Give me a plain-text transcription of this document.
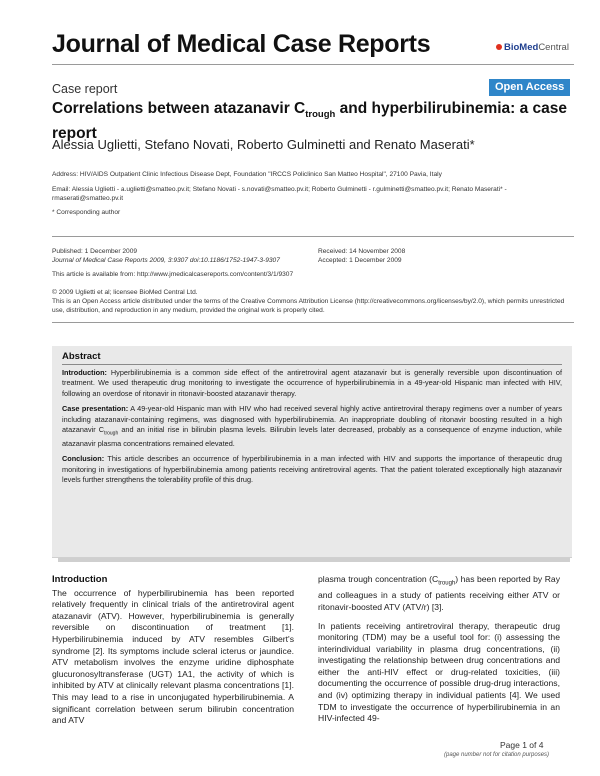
Journal of Medical Case Reports	BioMedCentral
Case report	Open Access
Correlations between atazanavir $C_{trough}$ and hyperbilirubinemia: a case report
Alessia Uglietti, Stefano Novati, Roberto Gulminetti and Renato Maserati*
Address: HIV/AIDS Outpatient Clinic Infectious Disease Dept, Foundation "IRCCS Policlinico San Matteo Hospital", 27100 Pavia, Italy
Email: Alessia Uglietti - a.uglietti@smatteo.pv.it; Stefano Novati - s.novati@smatteo.pv.it; Roberto Gulminetti - r.gulminetti@smatteo.pv.it; Renato Maserati* - rmaserati@smatteo.pv.it
* Corresponding author
Published: 1 December 2009
Journal of Medical Case Reports 2009, 3:9307 doi:10.1186/1752-1947-3-9307
Received: 14 November 2008
Accepted: 1 December 2009
This article is available from: http://www.jmedicalcasereports.com/content/3/1/9307
© 2009 Uglietti et al; licensee BioMed Central Ltd.
This is an Open Access article distributed under the terms of the Creative Commons Attribution License (http://creativecommons.org/licenses/by/2.0), which permits unrestricted use, distribution, and reproduction in any medium, provided the original work is properly cited.
Abstract

Introduction: Hyperbilirubinemia is a common side effect of the antiretroviral agent atazanavir but is generally reversible upon discontinuation of treatment. We used therapeutic drug monitoring to investigate the occurrence of hyperbilirubinemia in a 49-year-old Hispanic man infected with HIV, following an overdose of ritonavir in ritonavir-boosted atazanavir therapy.

Case presentation: A 49-year-old Hispanic man with HIV who had received several highly active antiretroviral therapy regimens over a number of years including atazanavir-containing regimens, was diagnosed with hyperbilirubinemia. An inappropriate doubling of ritonavir boosting resulted in a high atazanavir $C_{trough}$ and an initial rise in bilirubin plasma levels. Bilirubin levels later decreased, probably as a consequence of enzyme induction, while atazanavir plasma concentrations remained elevated.

Conclusion: This article describes an occurrence of hyperbilirubinemia in a man infected with HIV and supports the importance of therapeutic drug monitoring in investigations of hyperbilirubinemia among patients receiving antiretroviral agents. That the patient tolerated exceptionally high atazanavir levels further strengthens the tolerability profile of this drug.

Introduction

The occurrence of hyperbilirubinemia has been reported relatively frequently in clinical trials of the antiretroviral agent atazanavir (ATV). However, hyperbilirubinemia is generally reversible on discontinuation of treatment [1]. Hyperbilirubinemia induced by ATV resembles Gilbert's syndrome [2]. Its symptoms include scleral icterus or jaundice. ATV metabolism involves the enzyme uridine diphosphate glucuronosyltransferase (UGT) 1A1, the activity of which is inhibited by ATV at clinically relevant plasma concentrations [1]. This may lead to a rise in unconjugated hyperbilirubinemia. A significant correlation between serum bilirubin concentration and ATV

plasma trough concentration $(C_{trough})$ has been reported by Ray and colleagues in a study of patients receiving either ATV or ritonavir-boosted ATV (ATV/r) [3].

In patients receiving antiretroviral therapy, therapeutic drug monitoring (TDM) may be a useful tool for: (i) assessing the interindividual variability in plasma drug concentrations, (ii) investigating the relationship between drug concentrations and either the anti-HIV effect or drug-related toxicities, (iii) documenting the occurrence of possible drug-drug interactions, and (iv) optimizing therapy in individual patients [4]. We used TDM to investigate the occurrence of hyperbilirubinemia in an HIV-infected 49-

Page 1 of 4
(page number not for citation purposes)
